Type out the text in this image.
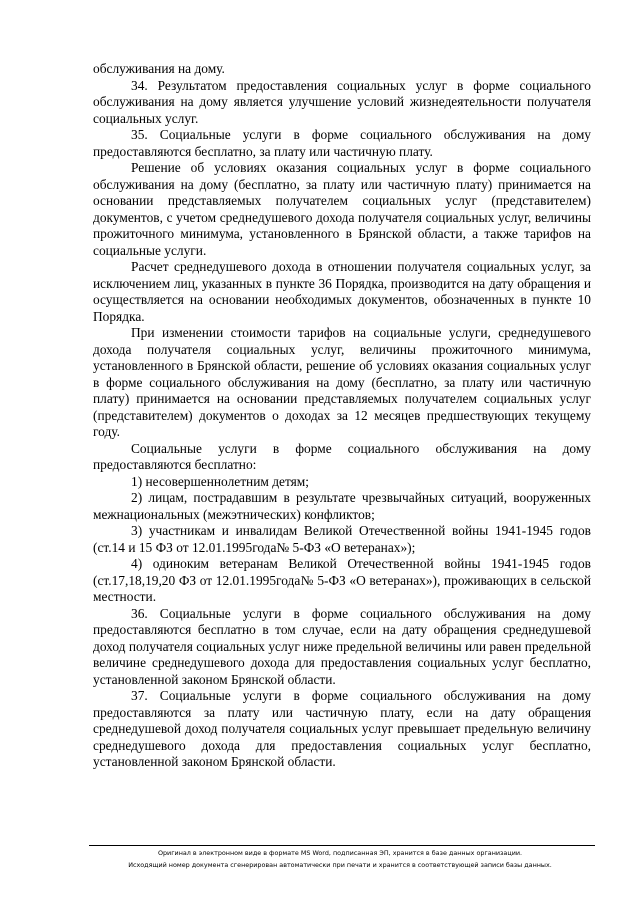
обслуживания на дому.

34. Результатом предоставления социальных услуг в форме социального обслуживания на дому является улучшение условий жизнедеятельности получателя социальных услуг.

35. Социальные услуги в форме социального обслуживания на дому предоставляются бесплатно, за плату или частичную плату.

Решение об условиях оказания социальных услуг в форме социального обслуживания на дому (бесплатно, за плату или частичную плату) принимается на основании представляемых получателем социальных услуг (представителем) документов, с учетом среднедушевого дохода получателя социальных услуг, величины прожиточного минимума, установленного в Брянской области, а также тарифов на социальные услуги.

Расчет среднедушевого дохода в отношении получателя социальных услуг, за исключением лиц, указанных в пункте 36 Порядка, производится на дату обращения и осуществляется на основании необходимых документов, обозначенных в пункте 10 Порядка.

При изменении стоимости тарифов на социальные услуги, среднедушевого дохода получателя социальных услуг, величины прожиточного минимума, установленного в Брянской области, решение об условиях оказания социальных услуг в форме социального обслуживания на дому (бесплатно, за плату или частичную плату) принимается на основании представляемых получателем социальных услуг (представителем) документов о доходах за 12 месяцев предшествующих текущему году.

Социальные услуги в форме социального обслуживания на дому предоставляются бесплатно:

1) несовершеннолетним детям;

2) лицам, пострадавшим в результате чрезвычайных ситуаций, вооруженных межнациональных (межэтнических) конфликтов;

3) участникам и инвалидам Великой Отечественной войны 1941-1945 годов (ст.14 и 15 ФЗ от 12.01.1995года№ 5-ФЗ «О ветеранах»);

4) одиноким ветеранам Великой Отечественной войны 1941-1945 годов (ст.17,18,19,20 ФЗ от 12.01.1995года№ 5-ФЗ «О ветеранах»), проживающих в сельской местности.

36. Социальные услуги в форме социального обслуживания на дому предоставляются бесплатно в том случае, если на дату обращения среднедушевой доход получателя социальных услуг ниже предельной величины или равен предельной величине среднедушевого дохода для предоставления социальных услуг бесплатно, установленной законом Брянской области.

37. Социальные услуги в форме социального обслуживания на дому предоставляются за плату или частичную плату, если на дату обращения среднедушевой доход получателя социальных услуг превышает предельную величину среднедушевого дохода для предоставления социальных услуг бесплатно, установленной законом Брянской области.

Оригинал в электронном виде в формате MS Word, подписанная ЭП, хранится в базе данных организации.
Исходящий номер документа сгенерирован автоматически при печати и хранится в соответствующей записи базы данных.
